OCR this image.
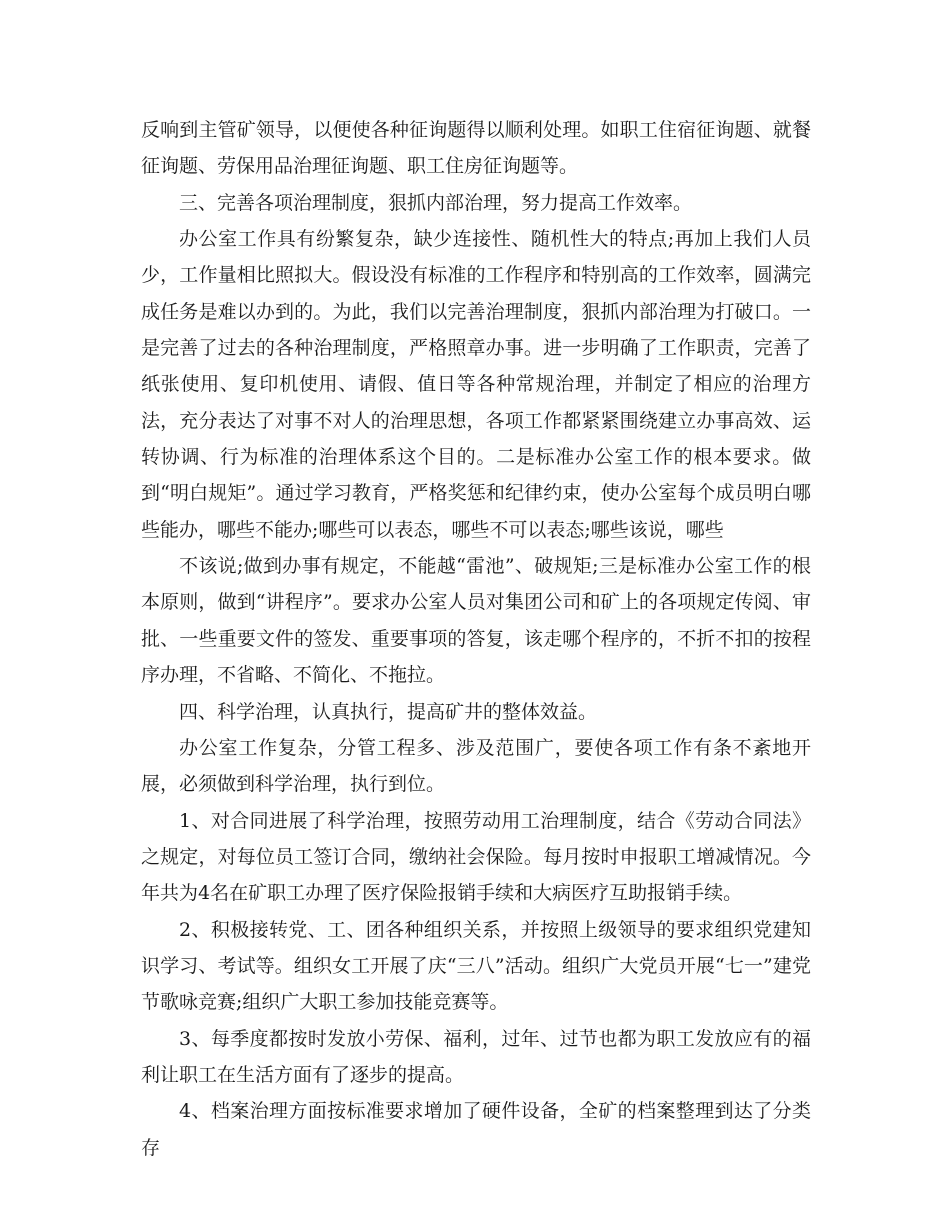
反响到主管矿领导，以便使各种征询题得以顺利处理。如职工住宿征询题、就餐征询题、劳保用品治理征询题、职工住房征询题等。

三、完善各项治理制度，狠抓内部治理，努力提高工作效率。

办公室工作具有纷繁复杂，缺少连接性、随机性大的特点;再加上我们人员少，工作量相比照拟大。假设没有标准的工作程序和特别高的工作效率，圆满完成任务是难以办到的。为此，我们以完善治理制度，狠抓内部治理为打破口。一是完善了过去的各种治理制度，严格照章办事。进一步明确了工作职责，完善了纸张使用、复印机使用、请假、值日等各种常规治理，并制定了相应的治理方法，充分表达了对事不对人的治理思想，各项工作都紧紧围绕建立办事高效、运转协调、行为标准的治理体系这个目的。二是标准办公室工作的根本要求。做到“明白规矩”。通过学习教育，严格奖惩和纪律约束，使办公室每个成员明白哪些能办，哪些不能办;哪些可以表态，哪些不可以表态;哪些该说，哪些

不该说;做到办事有规定，不能越“雷池”、破规矩;三是标准办公室工作的根本原则，做到“讲程序”。要求办公室人员对集团公司和矿上的各项规定传阅、审批、一些重要文件的签发、重要事项的答复，该走哪个程序的，不折不扣的按程序办理，不省略、不简化、不拖拉。

四、科学治理，认真执行，提高矿井的整体效益。

办公室工作复杂，分管工程多、涉及范围广，要使各项工作有条不紊地开展，必须做到科学治理，执行到位。

1、对合同进展了科学治理，按照劳动用工治理制度，结合《劳动合同法》之规定，对每位员工签订合同，缴纳社会保险。每月按时申报职工增减情况。今年共为4名在矿职工办理了医疗保险报销手续和大病医疗互助报销手续。

2、积极接转党、工、团各种组织关系，并按照上级领导的要求组织党建知识学习、考试等。组织女工开展了庆“三八”活动。组织广大党员开展“七一”建党节歌咏竞赛;组织广大职工参加技能竞赛等。

3、每季度都按时发放小劳保、福利，过年、过节也都为职工发放应有的福利让职工在生活方面有了逐步的提高。

4、档案治理方面按标准要求增加了硬件设备，全矿的档案整理到达了分类存
